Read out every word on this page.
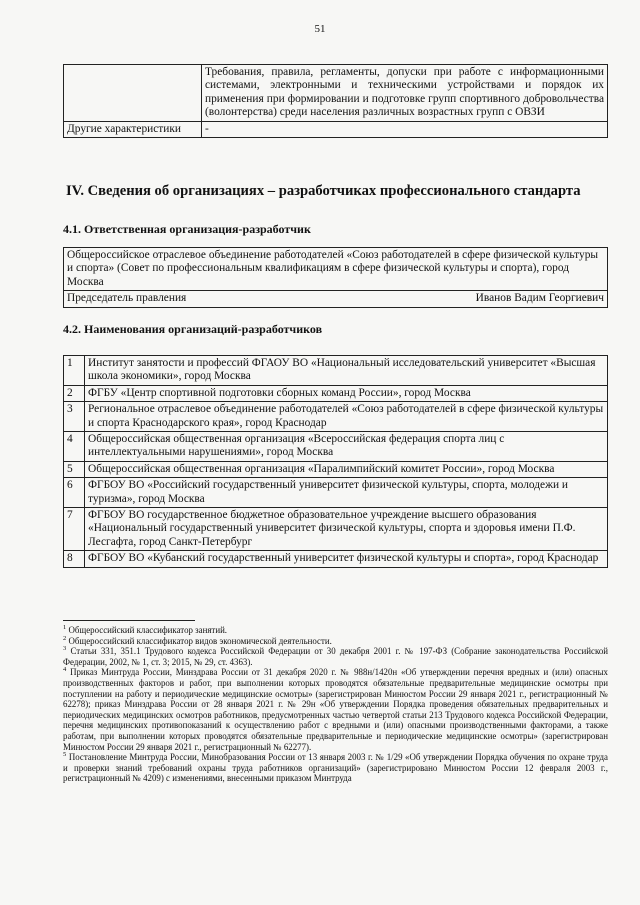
51
	Требования, правила, регламенты, допуски при работе с информационными системами, электронными и техническими устройствами и порядок их применения при формировании и подготовке групп спортивного добровольчества (волонтерства) среди населения различных возрастных групп с ОВЗИ
Другие характеристики	-
IV. Сведения об организациях – разработчиках профессионального стандарта
4.1. Ответственная организация-разработчик
Общероссийское отраслевое объединение работодателей «Союз работодателей в сфере физической культуры и спорта» (Совет по профессиональным квалификациям в сфере физической культуры и спорта), город Москва

Председатель правления	Иванов Вадим Георгиевич
4.2. Наименования организаций-разработчиков
1	Институт занятости и профессий ФГАОУ ВО «Национальный исследовательский университет «Высшая школа экономики», город Москва
2	ФГБУ «Центр спортивной подготовки сборных команд России», город Москва
3	Региональное отраслевое объединение работодателей «Союз работодателей в сфере физической культуры и спорта Краснодарского края», город Краснодар
4	Общероссийская общественная организация «Всероссийская федерация спорта лиц с интеллектуальными нарушениями», город Москва
5	Общероссийская общественная организация «Паралимпийский комитет России», город Москва
6	ФГБОУ ВО «Российский государственный университет физической культуры, спорта, молодежи и туризма», город Москва
7	ФГБОУ ВО государственное бюджетное образовательное учреждение высшего образования «Национальный государственный университет физической культуры, спорта и здоровья имени П.Ф. Лесгафта, город Санкт-Петербург
8	ФГБОУ ВО «Кубанский государственный университет физической культуры и спорта», город Краснодар

$^1$ Общероссийский классификатор занятий.

$^2$ Общероссийский классификатор видов экономической деятельности.

$^3$ Статьи 331, 351.1 Трудового кодекса Российской Федерации от 30 декабря 2001 г. № 197-ФЗ (Собрание законодательства Российской Федерации, 2002, № 1, ст. 3; 2015, № 29, ст. 4363).

$^4$ Приказ Минтруда России, Минздрава России от 31 декабря 2020 г. № 988н/1420н «Об утверждении перечня вредных и (или) опасных производственных факторов и работ, при выполнении которых проводятся обязательные предварительные медицинские осмотры при поступлении на работу и периодические медицинские осмотры» (зарегистрирован Минюстом России 29 января 2021 г., регистрационный № 62278); приказ Минздрава России от 28 января 2021 г. № 29н «Об утверждении Порядка проведения обязательных предварительных и периодических медицинских осмотров работников, предусмотренных частью четвертой статьи 213 Трудового кодекса Российской Федерации, перечня медицинских противопоказаний к осуществлению работ с вредными и (или) опасными производственными факторами, а также работам, при выполнении которых проводятся обязательные предварительные и периодические медицинские осмотры» (зарегистрирован Минюстом России 29 января 2021 г., регистрационный № 62277).

$^5$ Постановление Минтруда России, Минобразования России от 13 января 2003 г. № 1/29 «Об утверждении Порядка обучения по охране труда и проверки знаний требований охраны труда работников организаций» (зарегистрировано Минюстом России 12 февраля 2003 г., регистрационный № 4209) с изменениями, внесенными приказом Минтруда
